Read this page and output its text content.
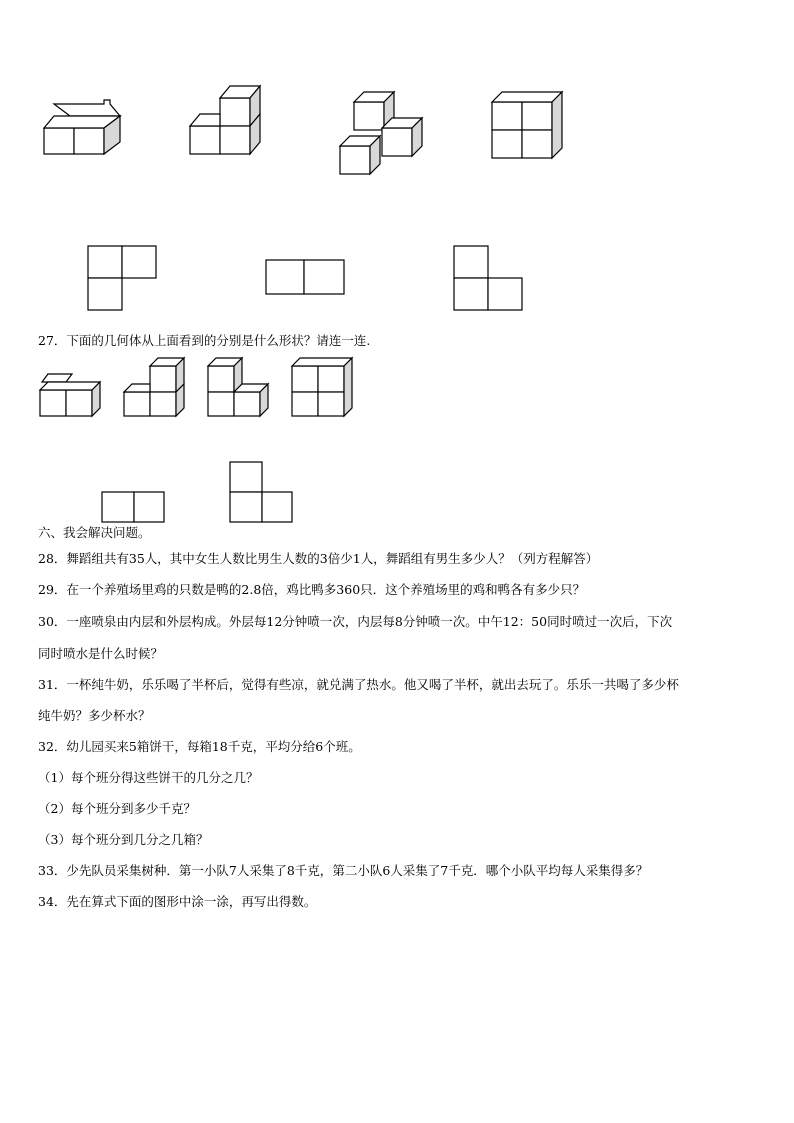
27．下面的几何体从上面看到的分别是什么形状？请连一连.
六、我会解决问题。
28．舞蹈组共有35人，其中女生人数比男生人数的3倍少1人，舞蹈组有男生多少人？（列方程解答）
29．在一个养殖场里鸡的只数是鸭的2.8倍，鸡比鸭多360只．这个养殖场里的鸡和鸭各有多少只？
30．一座喷泉由内层和外层构成。外层每12分钟喷一次，内层每8分钟喷一次。中午12：50同时喷过一次后，下次
同时喷水是什么时候？
31．一杯纯牛奶，乐乐喝了半杯后，觉得有些凉，就兑满了热水。他又喝了半杯，就出去玩了。乐乐一共喝了多少杯
纯牛奶？多少杯水？
32．幼儿园买来5箱饼干，每箱18千克，平均分给6个班。
（1）每个班分得这些饼干的几分之几？
（2）每个班分到多少千克？
（3）每个班分到几分之几箱？
33．少先队员采集树种．第一小队7人采集了8千克，第二小队6人采集了7千克．哪个小队平均每人采集得多？
34．先在算式下面的图形中涂一涂，再写出得数。
